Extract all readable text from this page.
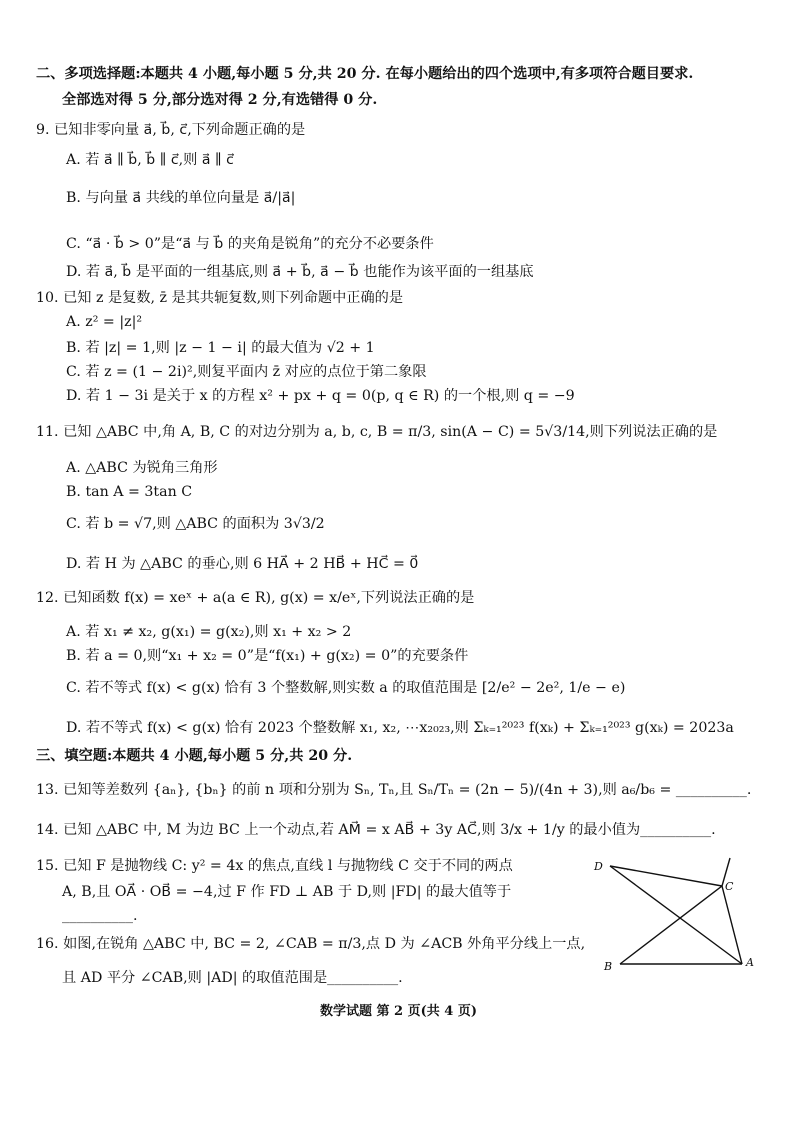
二、多项选择题:本题共 4 小题,每小题 5 分,共 20 分. 在每小题给出的四个选项中,有多项符合题目要求.
全部选对得 5 分,部分选对得 2 分,有选错得 0 分.
9. 已知非零向量 a⃗, b⃗, c⃗,下列命题正确的是
A. 若 a⃗ ∥ b⃗, b⃗ ∥ c⃗,则 a⃗ ∥ c⃗
B. 与向量 a⃗ 共线的单位向量是 a⃗/|a⃗|
C. “a⃗ · b⃗ > 0”是“a⃗ 与 b⃗ 的夹角是锐角”的充分不必要条件
D. 若 a⃗, b⃗ 是平面的一组基底,则 a⃗ + b⃗, a⃗ − b⃗ 也能作为该平面的一组基底
10. 已知 z 是复数, z̄ 是其共轭复数,则下列命题中正确的是
A. z² = |z|²
B. 若 |z| = 1,则 |z − 1 − i| 的最大值为 √2 + 1
C. 若 z = (1 − 2i)²,则复平面内 z̄ 对应的点位于第二象限
D. 若 1 − 3i 是关于 x 的方程 x² + px + q = 0(p, q ∈ R) 的一个根,则 q = −9
11. 已知 △ABC 中,角 A, B, C 的对边分别为 a, b, c, B = π/3, sin(A − C) = 5√3/14,则下列说法正确的是
A. △ABC 为锐角三角形
B. tan A = 3tan C
C. 若 b = √7,则 △ABC 的面积为 3√3/2
D. 若 H 为 △ABC 的垂心,则 6 HA⃗ + 2 HB⃗ + HC⃗ = 0⃗
12. 已知函数 f(x) = xeˣ + a(a ∈ R), g(x) = x/eˣ,下列说法正确的是
A. 若 x₁ ≠ x₂, g(x₁) = g(x₂),则 x₁ + x₂ > 2
B. 若 a = 0,则“x₁ + x₂ = 0”是“f(x₁) + g(x₂) = 0”的充要条件
C. 若不等式 f(x) < g(x) 恰有 3 个整数解,则实数 a 的取值范围是 [2/e² − 2e², 1/e − e)
D. 若不等式 f(x) < g(x) 恰有 2023 个整数解 x₁, x₂, ⋯x₂₀₂₃,则 Σₖ₌₁²⁰²³ f(xₖ) + Σₖ₌₁²⁰²³ g(xₖ) = 2023a
三、填空题:本题共 4 小题,每小题 5 分,共 20 分.
13. 已知等差数列 {aₙ}, {bₙ} 的前 n 项和分别为 Sₙ, Tₙ,且 Sₙ/Tₙ = (2n − 5)/(4n + 3),则 a₆/b₆ = __________.
14. 已知 △ABC 中, M 为边 BC 上一个动点,若 AM⃗ = x AB⃗ + 3y AC⃗,则 3/x + 1/y 的最小值为__________.
15. 已知 F 是抛物线 C: y² = 4x 的焦点,直线 l 与抛物线 C 交于不同的两点
A, B,且 OA⃗ · OB⃗ = −4,过 F 作 FD ⊥ AB 于 D,则 |FD| 的最大值等于
__________.
16. 如图,在锐角 △ABC 中, BC = 2, ∠CAB = π/3,点 D 为 ∠ACB 外角平分线上一点,
且 AD 平分 ∠CAB,则 |AD| 的取值范围是__________.
D
C
B	A
数学试题 第 2 页(共 4 页)
